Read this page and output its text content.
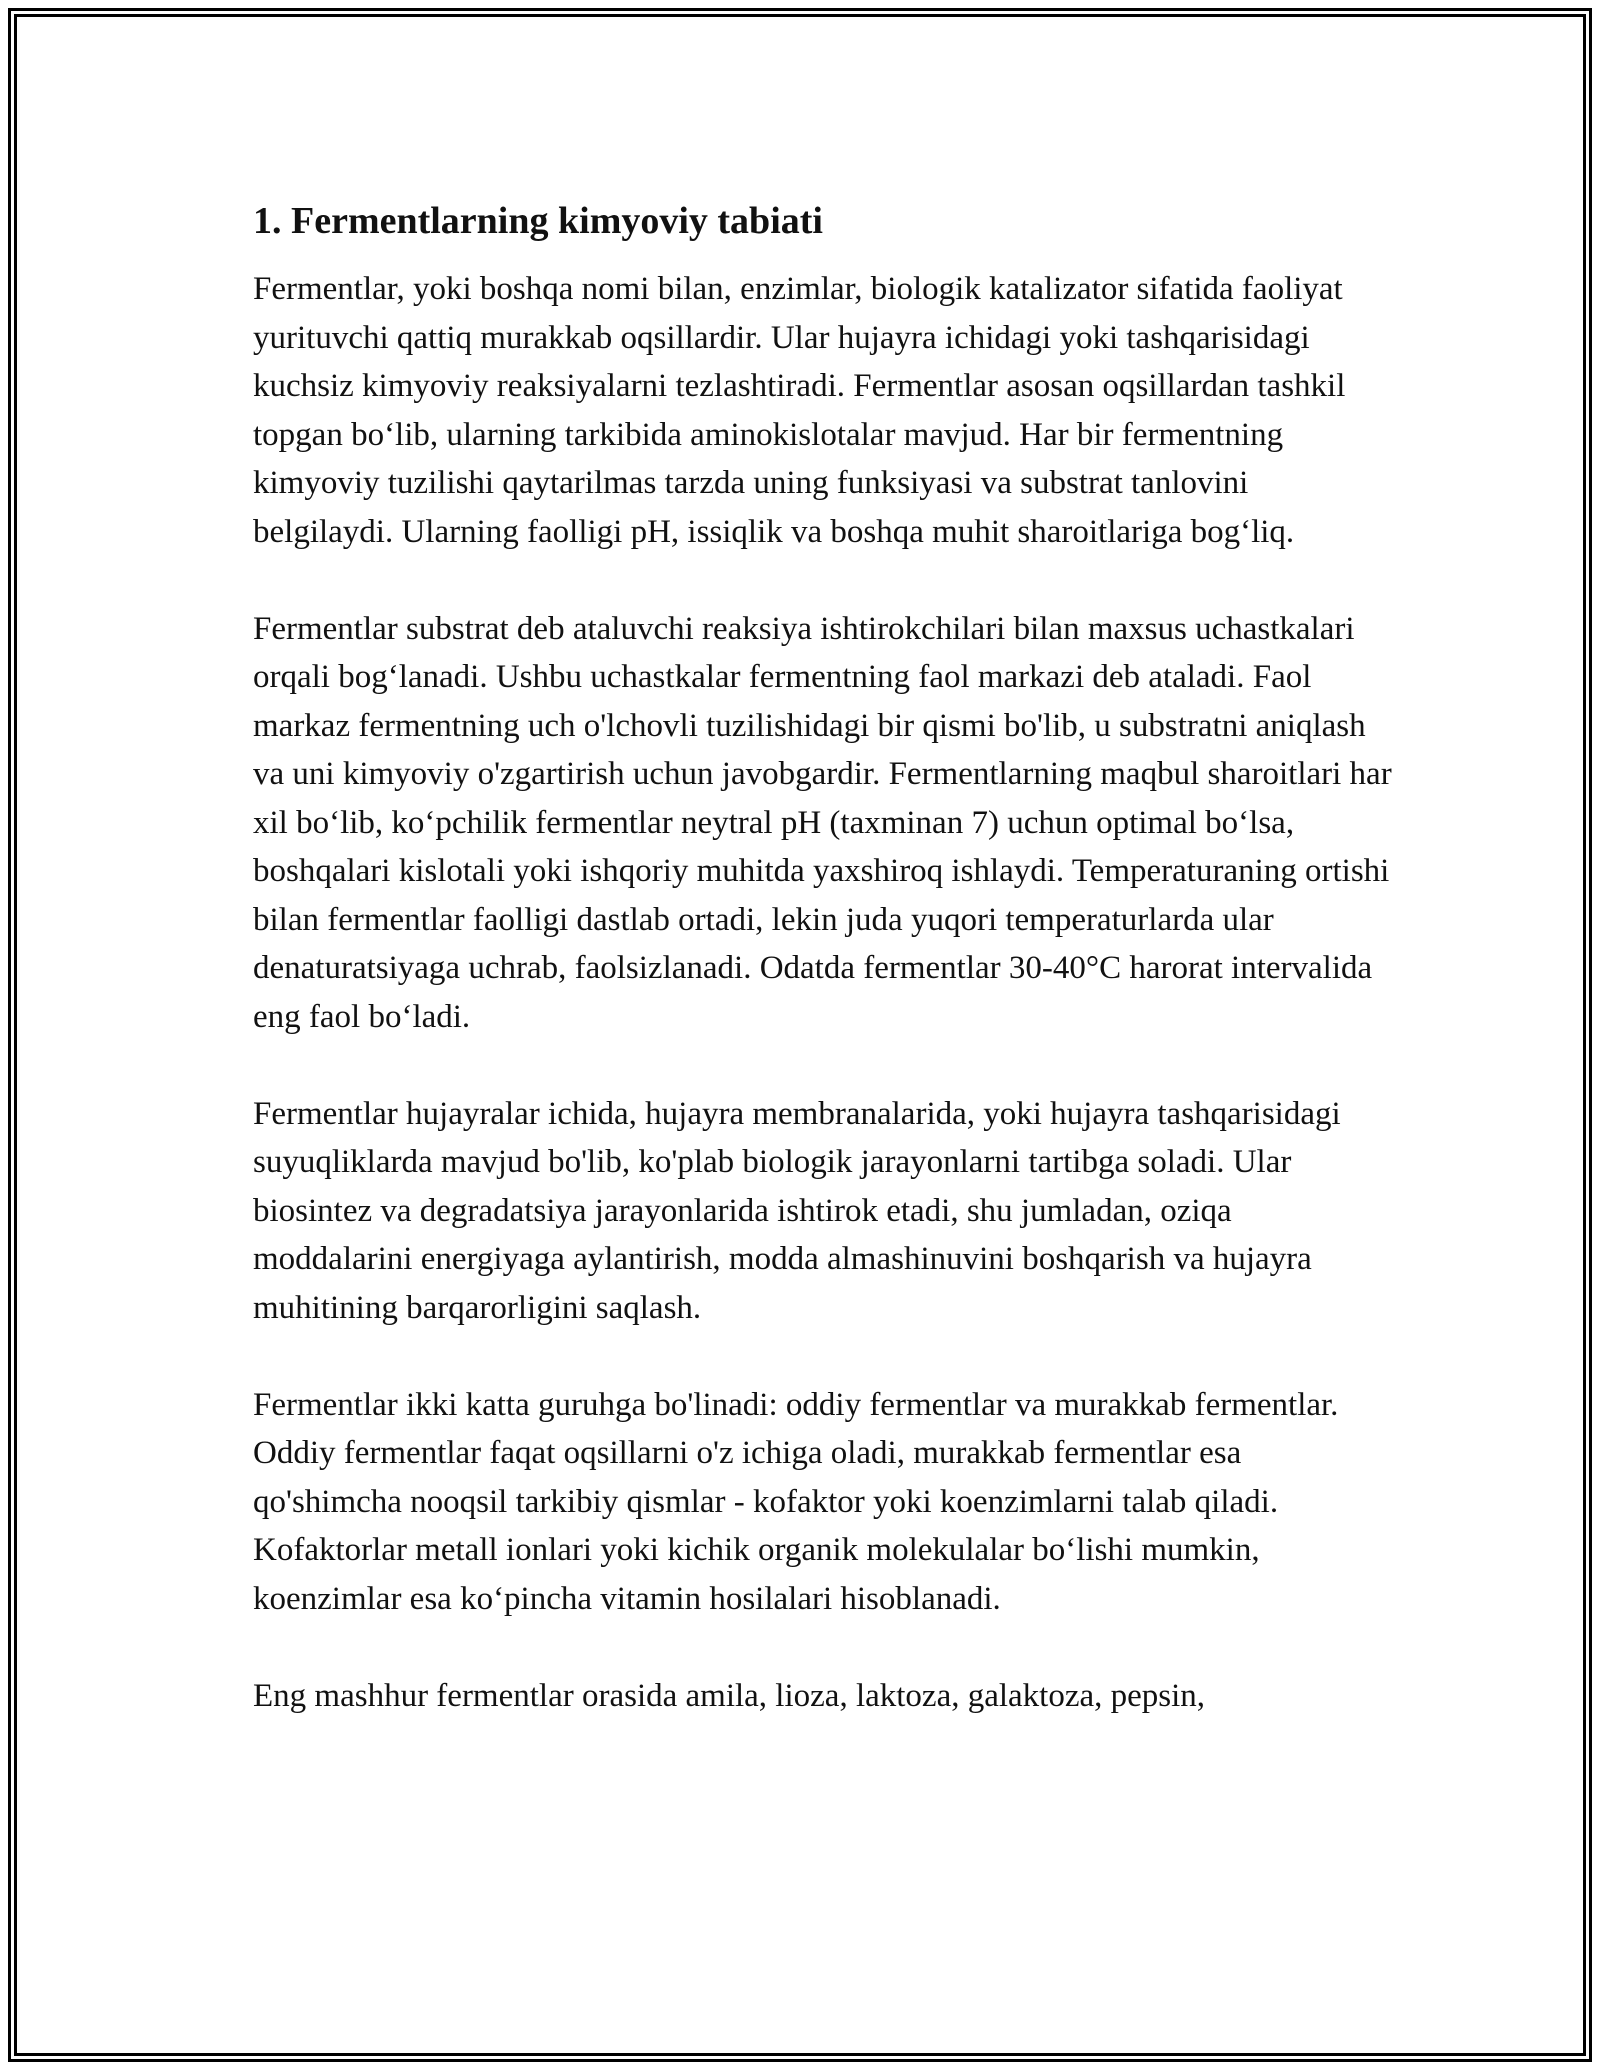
1. Fermentlarning kimyoviy tabiati

Fermentlar, yoki boshqa nomi bilan, enzimlar, biologik katalizator sifatida faoliyat yurituvchi qattiq murakkab oqsillardir. Ular hujayra ichidagi yoki tashqarisidagi kuchsiz kimyoviy reaksiyalarni tezlashtiradi. Fermentlar asosan oqsillardan tashkil topgan bo‘lib, ularning tarkibida aminokislotalar mavjud. Har bir fermentning kimyoviy tuzilishi qaytarilmas tarzda uning funksiyasi va substrat tanlovini belgilaydi. Ularning faolligi pH, issiqlik va boshqa muhit sharoitlariga bog‘liq.

Fermentlar substrat deb ataluvchi reaksiya ishtirokchilari bilan maxsus uchastkalari orqali bog‘lanadi. Ushbu uchastkalar fermentning faol markazi deb ataladi. Faol markaz fermentning uch o'lchovli tuzilishidagi bir qismi bo'lib, u substratni aniqlash va uni kimyoviy o'zgartirish uchun javobgardir. Fermentlarning maqbul sharoitlari har xil bo‘lib, ko‘pchilik fermentlar neytral pH (taxminan 7) uchun optimal bo‘lsa, boshqalari kislotali yoki ishqoriy muhitda yaxshiroq ishlaydi. Temperaturaning ortishi bilan fermentlar faolligi dastlab ortadi, lekin juda yuqori temperaturlarda ular denaturatsiyaga uchrab, faolsizlanadi. Odatda fermentlar 30-40°C harorat intervalida eng faol bo‘ladi.

Fermentlar hujayralar ichida, hujayra membranalarida, yoki hujayra tashqarisidagi suyuqliklarda mavjud bo'lib, ko'plab biologik jarayonlarni tartibga soladi. Ular biosintez va degradatsiya jarayonlarida ishtirok etadi, shu jumladan, oziqa moddalarini energiyaga aylantirish, modda almashinuvini boshqarish va hujayra muhitining barqarorligini saqlash.

Fermentlar ikki katta guruhga bo'linadi: oddiy fermentlar va murakkab fermentlar. Oddiy fermentlar faqat oqsillarni o'z ichiga oladi, murakkab fermentlar esa qo'shimcha nooqsil tarkibiy qismlar - kofaktor yoki koenzimlarni talab qiladi. Kofaktorlar metall ionlari yoki kichik organik molekulalar bo‘lishi mumkin, koenzimlar esa ko‘pincha vitamin hosilalari hisoblanadi.

Eng mashhur fermentlar orasida amila, lioza, laktoza, galaktoza, pepsin,
